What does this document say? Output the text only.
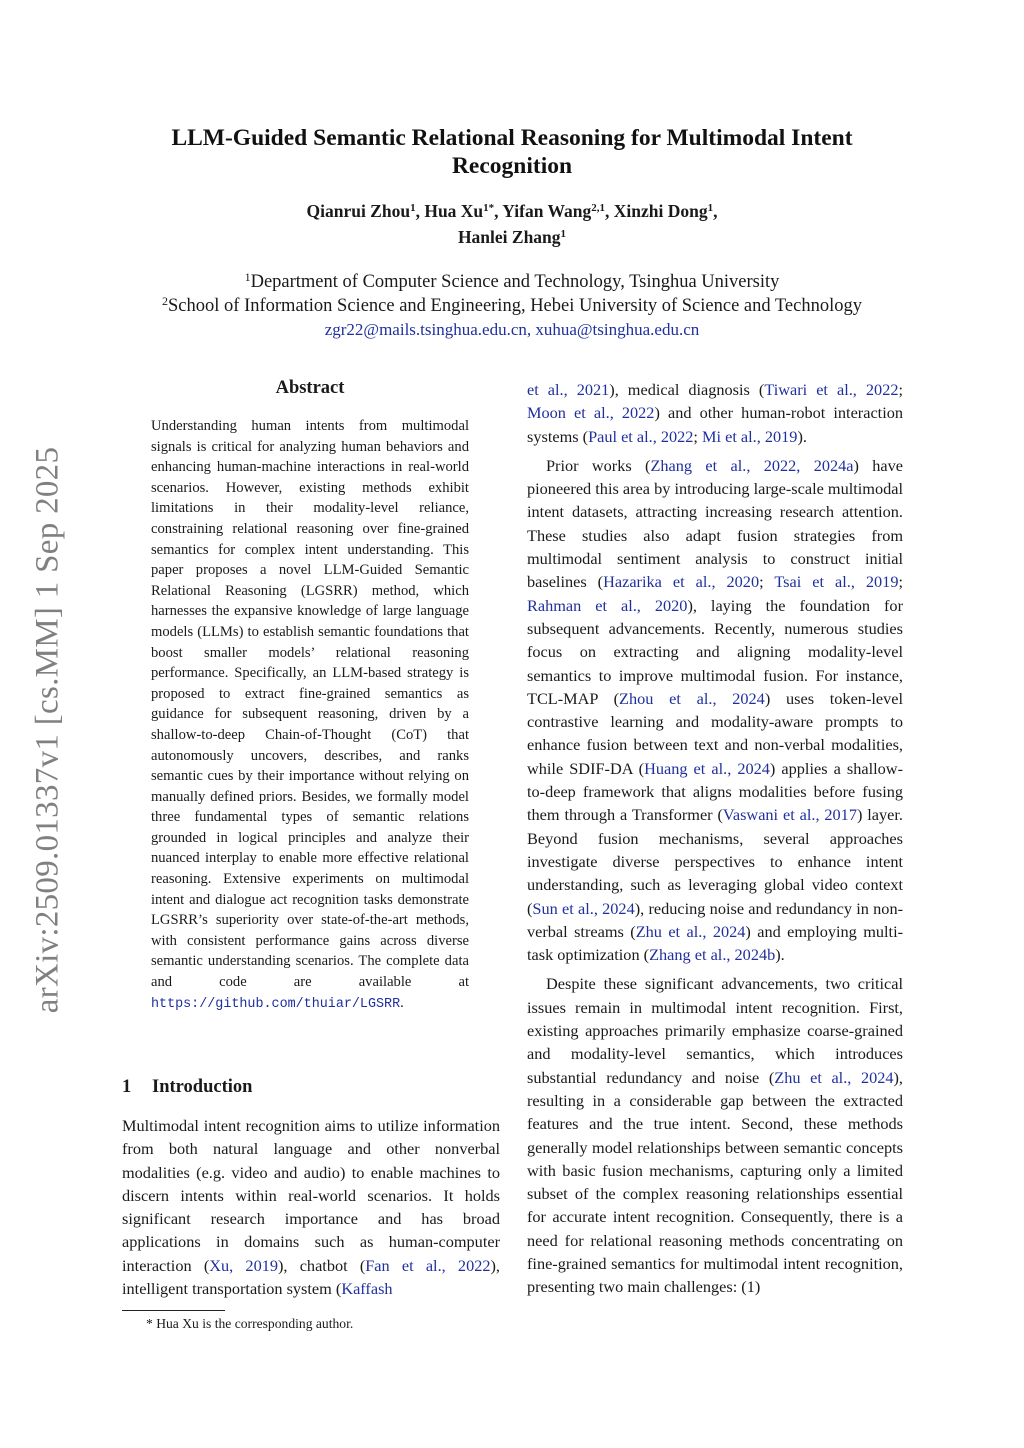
arXiv:2509.01337v1 [cs.MM] 1 Sep 2025
LLM-Guided Semantic Relational Reasoning for Multimodal Intent Recognition
Qianrui Zhou$^1$, Hua $Xu^{1*}$, Yifan Wang$^{2,1}$, Xinzhi Dong$^1$,
Hanlei Zhang$^1$
$^1$Department of Computer Science and Technology, Tsinghua University
$^2$School of Information Science and Engineering, Hebei University of Science and Technology
zgr22@mails.tsinghua.edu.cn, xuhua@tsinghua.edu.cn
Abstract

Understanding human intents from multimodal signals is critical for analyzing human behaviors and enhancing human-machine interactions in real-world scenarios. However, existing methods exhibit limitations in their modality-level reliance, constraining relational reasoning over fine-grained semantics for complex intent understanding. This paper proposes a novel LLM-Guided Semantic Relational Reasoning (LGSRR) method, which harnesses the expansive knowledge of large language models (LLMs) to establish semantic foundations that boost smaller models’ relational reasoning performance. Specifically, an LLM-based strategy is proposed to extract fine-grained semantics as guidance for subsequent reasoning, driven by a shallow-to-deep Chain-of-Thought (CoT) that autonomously uncovers, describes, and ranks semantic cues by their importance without relying on manually defined priors. Besides, we formally model three fundamental types of semantic relations grounded in logical principles and analyze their nuanced interplay to enable more effective relational reasoning. Extensive experiments on multimodal intent and dialogue act recognition tasks demonstrate LGSRR’s superiority over state-of-the-art methods, with consistent performance gains across diverse semantic understanding scenarios. The complete data and code are available at https://github.com/thuiar/LGSRR.

1 Introduction

Multimodal intent recognition aims to utilize information from both natural language and other nonverbal modalities (e.g. video and audio) to enable machines to discern intents within real-world scenarios. It holds significant research importance and has broad applications in domains such as human-computer interaction (Xu, 2019), chatbot (Fan et al., 2022), intelligent transportation system (Kaffash

* Hua Xu is the corresponding author.

et al., 2021), medical diagnosis (Tiwari et al., 2022; Moon et al., 2022) and other human-robot interaction systems (Paul et al., 2022; Mi et al., 2019).

Prior works (Zhang et al., 2022, 2024a) have pioneered this area by introducing large-scale multimodal intent datasets, attracting increasing research attention. These studies also adapt fusion strategies from multimodal sentiment analysis to construct initial baselines (Hazarika et al., 2020; Tsai et al., 2019; Rahman et al., 2020), laying the foundation for subsequent advancements. Recently, numerous studies focus on extracting and aligning modality-level semantics to improve multimodal fusion. For instance, TCL-MAP (Zhou et al., 2024) uses token-level contrastive learning and modality-aware prompts to enhance fusion between text and non-verbal modalities, while SDIF-DA (Huang et al., 2024) applies a shallow-to-deep framework that aligns modalities before fusing them through a Transformer (Vaswani et al., 2017) layer. Beyond fusion mechanisms, several approaches investigate diverse perspectives to enhance intent understanding, such as leveraging global video context (Sun et al., 2024), reducing noise and redundancy in non-verbal streams (Zhu et al., 2024) and employing multi-task optimization (Zhang et al., 2024b).

Despite these significant advancements, two critical issues remain in multimodal intent recognition. First, existing approaches primarily emphasize coarse-grained and modality-level semantics, which introduces substantial redundancy and noise (Zhu et al., 2024), resulting in a considerable gap between the extracted features and the true intent. Second, these methods generally model relationships between semantic concepts with basic fusion mechanisms, capturing only a limited subset of the complex reasoning relationships essential for accurate intent recognition. Consequently, there is a need for relational reasoning methods concentrating on fine-grained semantics for multimodal intent recognition, presenting two main challenges: (1)
